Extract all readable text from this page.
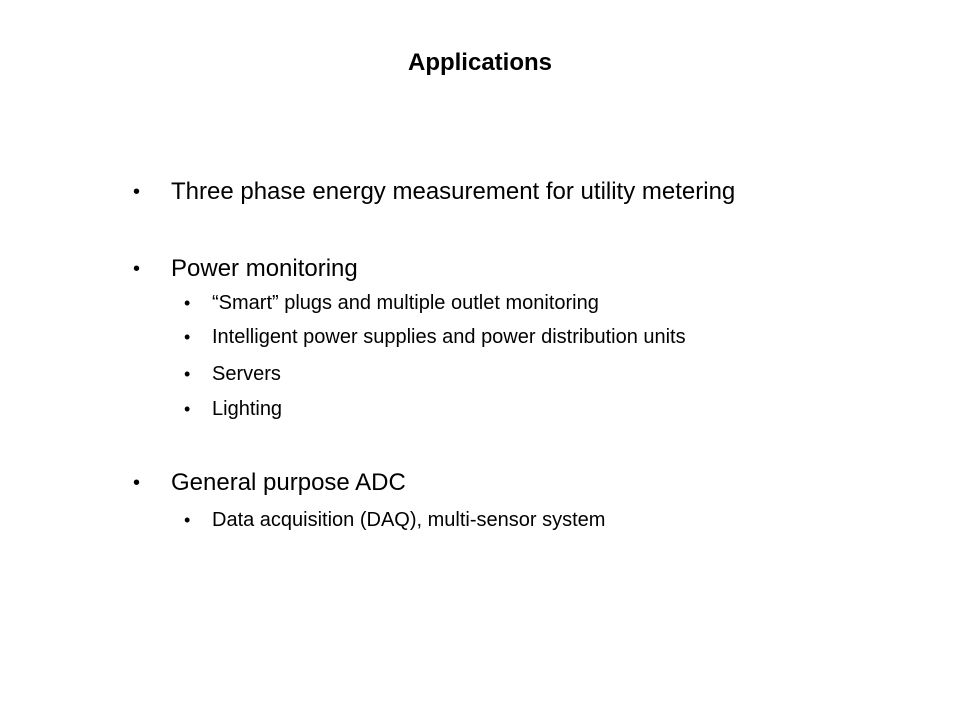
Applications
• Three phase energy measurement for utility metering
• Power monitoring
• “Smart” plugs and multiple outlet monitoring
• Intelligent power supplies and power distribution units
• Servers
• Lighting
• General purpose ADC
• Data acquisition (DAQ), multi-sensor system
